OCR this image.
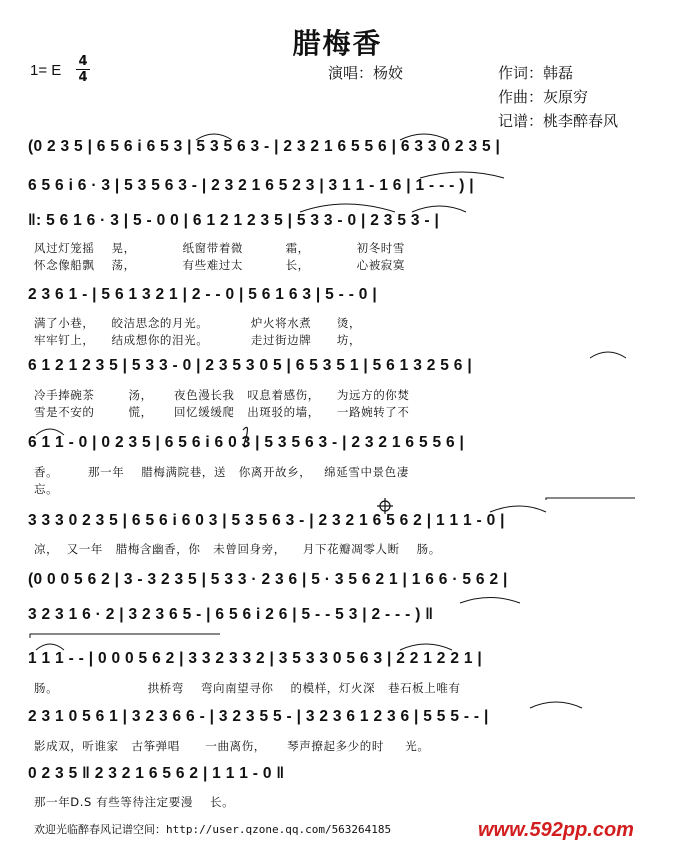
腊梅香
1= E
4
4	演唱：杨姣	作词：韩磊
作曲：灰原穷
记谱：桃李醉春风
(0 2 3 5 | 6 5 6 i 6 5 3 | 5 3 5 6 3 - | 2 3 2 1 6 5 5 6 | 6 3 3 0 2 3 5 |
6 5 6 i 6 · 3 | 5 3 5 6 3 - | 2 3 2 1 6 5 2 3 | 3 1 1 - 1 6 | 1 - - - ) |
‖: 5 6 1 6 · 3 | 5 - 0 0 | 6 1 2 1 2 3 5 | 5 3 3 - 0 | 2 3 5 3 - |
风过灯笼摇    晃，           纸窗带着微          霜，           初冬时雪
怀念像船飘    荡，           有些难过太          长，           心被寂寞
2 3 6 1 - | 5 6 1 3 2 1 | 2 - - 0 | 5 6 1 6 3 | 5 - - 0 |
满了小巷，    皎洁思念的月光。          炉火将水煮      烫，
牢牢钉上，    结成想你的泪光。          走过街边牌      坊，
6 1 2 1 2 3 5 | 5 3 3 - 0 | 2 3 5 3 0 5 | 6 5 3 5 1 | 5 6 1 3 2 5 6 |
冷手捧碗茶        汤，     夜色漫长我   叹息着感伤，    为远方的你焚
雪是不安的        慌，     回忆缓缓爬   出斑驳的墙，    一路婉转了不
6 1 1 - 0 | 0 2 3 5 | 6 5 6 i 6 0 3 | 5 3 5 6 3 - | 2 3 2 1 6 5 5 6 |
香。       那一年    腊梅满院巷，送   你离开故乡，   绵延雪中景色凄
忘。
3 3 3 0 2 3 5 | 6 5 6 i 6 0 3 | 5 3 5 6 3 - | 2 3 2 1 6 5 6 2 | 1 1 1 - 0 |
凉，  又一年   腊梅含幽香，你   未曾回身旁，    月下花瓣凋零人断    肠。
(0 0 0 5 6 2 | 3 - 3 2 3 5 | 5 3 3 · 2 3 6 | 5 · 3 5 6 2 1 | 1 6 6 · 5 6 2 |
3 2 3 1 6 · 2 | 3 2 3 6 5 - | 6 5 6 i 2 6 | 5 - - 5 3 | 2 - - - ) ‖
1 1 1 - - | 0 0 0 5 6 2 | 3 3 2 3 3 2 | 3 5 3 3 0 5 6 3 | 2 2 1 2 2 1 |
肠。                     拱桥弯    弯向南望寻你    的模样，灯火深   巷石板上唯有
2 3 1 0 5 6 1 | 3 2 3 6 6 - | 3 2 3 5 5 - | 3 2 3 6 1 2 3 6 | 5 5 5 - - |
影成双，听谁家   古筝弹唱      一曲离伤，     琴声撩起多少的时     光。
0 2 3 5 ‖ 2 3 2 1 6 5 6 2 | 1 1 1 - 0 ‖
那一年D.S 有些等待注定要漫    长。
欢迎光临醉春风记谱空间：http://user.qzone.qq.com/563264185	www.592pp.com
